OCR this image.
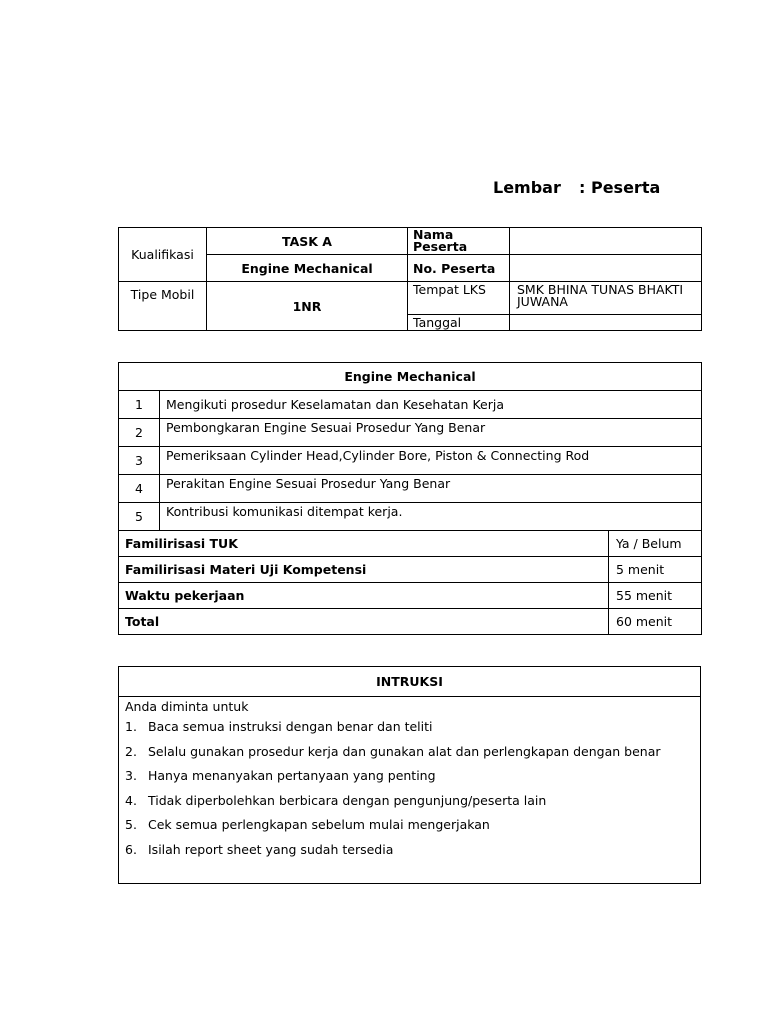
Lembar : Peserta
Kualifikasi	TASK A	Nama Peserta	
	Engine Mechanical	No. Peserta	
Tipe Mobil	1NR	Tempat LKS	SMK BHINA TUNAS BHAKTI JUWANA
		Tanggal	
Engine Mechanical	
1	Mengikuti prosedur Keselamatan dan Kesehatan Kerja
2	Pembongkaran Engine Sesuai Prosedur Yang Benar
3	Pemeriksaan Cylinder Head,Cylinder Bore, Piston & Connecting Rod
4	Perakitan Engine Sesuai Prosedur Yang Benar
5	Kontribusi komunikasi ditempat kerja.
Familirisasi TUK	Ya / Belum
Familirisasi Materi Uji Kompetensi	5 menit
Waktu pekerjaan	55 menit
Total	60 menit
INTRUKSI
Anda diminta untuk
1. Baca semua instruksi dengan benar dan teliti
2. Selalu gunakan prosedur kerja dan gunakan alat dan perlengkapan dengan benar
3. Hanya menanyakan pertanyaan yang penting
4. Tidak diperbolehkan berbicara dengan pengunjung/peserta lain
5. Cek semua perlengkapan sebelum mulai mengerjakan
6. Isilah report sheet yang sudah tersedia
